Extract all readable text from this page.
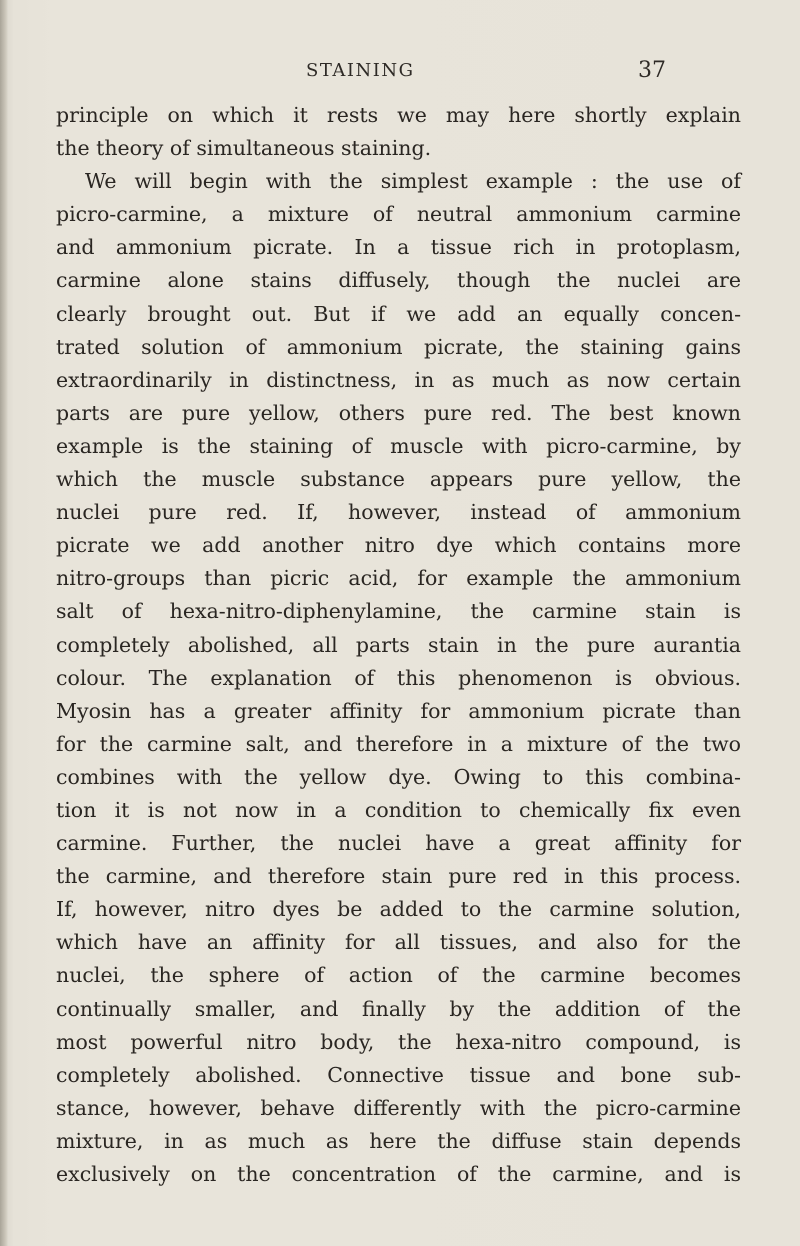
STAINING	37
principle on which it rests we may here shortly explain
the theory of simultaneous staining.
We will begin with the simplest example : the use of
picro-carmine, a mixture of neutral ammonium carmine
and ammonium picrate. In a tissue rich in protoplasm,
carmine alone stains diffusely, though the nuclei are
clearly brought out. But if we add an equally concen-
trated solution of ammonium picrate, the staining gains
extraordinarily in distinctness, in as much as now certain
parts are pure yellow, others pure red. The best known
example is the staining of muscle with picro-carmine, by
which the muscle substance appears pure yellow, the
nuclei pure red. If, however, instead of ammonium
picrate we add another nitro dye which contains more
nitro-groups than picric acid, for example the ammonium
salt of hexa-nitro-diphenylamine, the carmine stain is
completely abolished, all parts stain in the pure aurantia
colour. The explanation of this phenomenon is obvious.
Myosin has a greater affinity for ammonium picrate than
for the carmine salt, and therefore in a mixture of the two
combines with the yellow dye. Owing to this combina-
tion it is not now in a condition to chemically fix even
carmine. Further, the nuclei have a great affinity for
the carmine, and therefore stain pure red in this process.
If, however, nitro dyes be added to the carmine solution,
which have an affinity for all tissues, and also for the
nuclei, the sphere of action of the carmine becomes
continually smaller, and finally by the addition of the
most powerful nitro body, the hexa-nitro compound, is
completely abolished. Connective tissue and bone sub-
stance, however, behave differently with the picro-carmine
mixture, in as much as here the diffuse stain depends
exclusively on the concentration of the carmine, and is
